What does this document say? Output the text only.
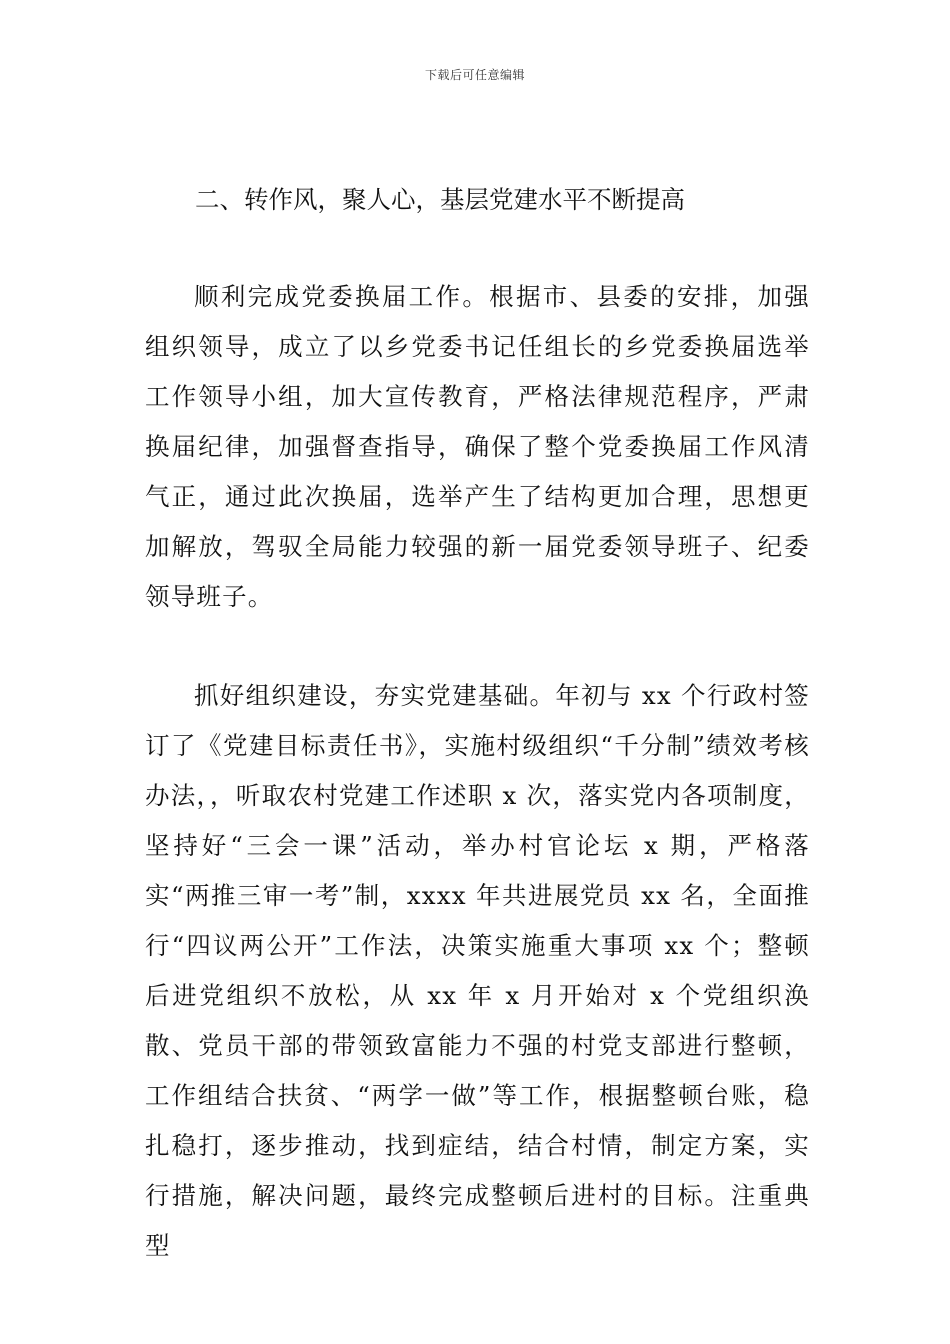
下载后可任意编辑

二、转作风，聚人心，基层党建水平不断提高

顺利完成党委换届工作。根据市、县委的安排，加强组织领导，成立了以乡党委书记任组长的乡党委换届选举工作领导小组，加大宣传教育，严格法律规范程序，严肃换届纪律，加强督查指导，确保了整个党委换届工作风清气正，通过此次换届，选举产生了结构更加合理，思想更加解放，驾驭全局能力较强的新一届党委领导班子、纪委领导班子。

抓好组织建设，夯实党建基础。年初与 xx 个行政村签订了《党建目标责任书》，实施村级组织“千分制”绩效考核办法，，听取农村党建工作述职 x 次，落实党内各项制度，坚持好“三会一课”活动，举办村官论坛 x 期，严格落实“两推三审一考”制，xxxx 年共进展党员 xx 名，全面推行“四议两公开”工作法，决策实施重大事项 xx 个；整顿后进党组织不放松，从 xx 年 x 月开始对 x 个党组织涣散、党员干部的带领致富能力不强的村党支部进行整顿，工作组结合扶贫、“两学一做”等工作，根据整顿台账，稳扎稳打，逐步推动，找到症结，结合村情，制定方案，实行措施，解决问题，最终完成整顿后进村的目标。注重典型
